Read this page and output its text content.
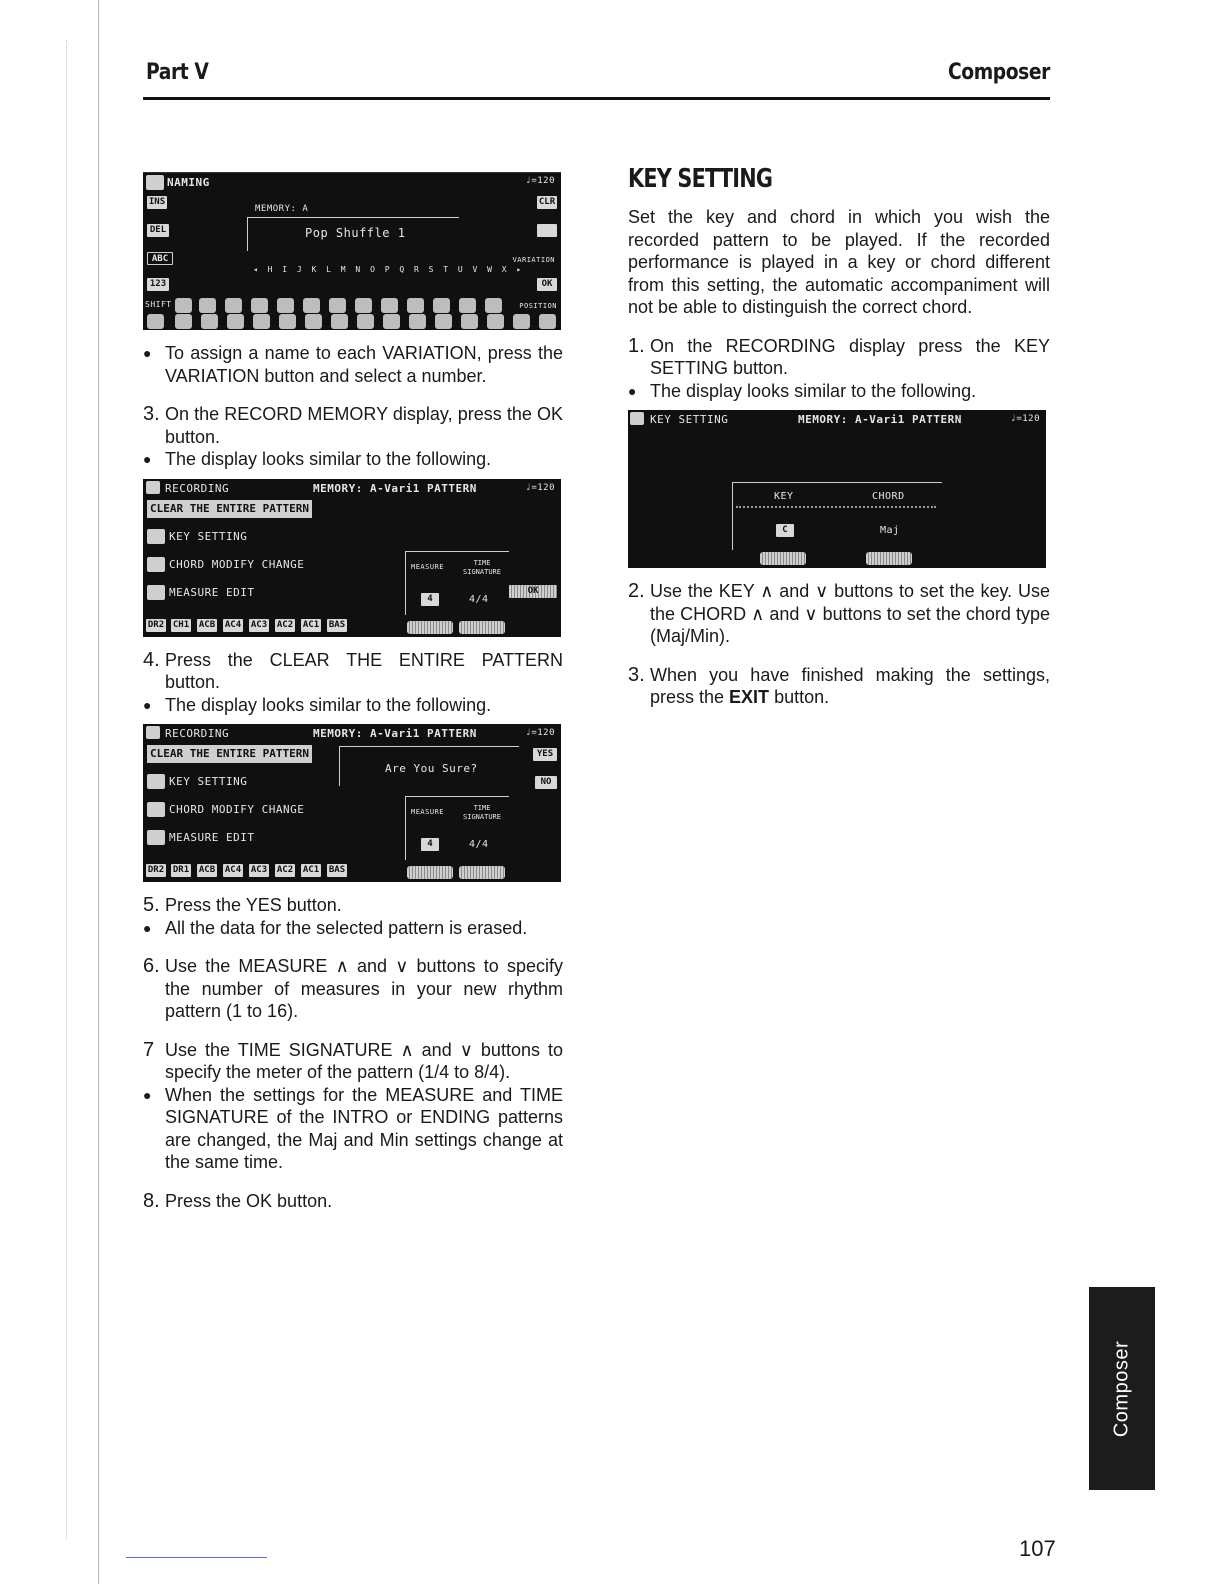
Part V	Composer
NAMING	♩=120
MEMORY: A
Pop Shuffle 1
INS
DEL
ABC
123
CLR
VARIATION
OK
◂ H I J K L M N O P Q R S T U V W X ▸
SHIFT	POSITION
● To assign a name to each VARIATION, press the VARIATION button and select a number.
3. On the RECORD MEMORY display, press the OK button.
● The display looks similar to the following.
RECORDING	MEMORY: A-Vari1 PATTERN	♩=120
CLEAR THE ENTIRE PATTERN
KEY SETTING
CHORD MODIFY CHANGE
MEASURE EDIT
MEASURE	TIME SIGNATURE
4	4/4
OK
DR2 CH1 ACB AC4 AC3 AC2 AC1 BAS
4. Press the CLEAR THE ENTIRE PATTERN button.
● The display looks similar to the following.
RECORDING	MEMORY: A-Vari1 PATTERN	♩=120
CLEAR THE ENTIRE PATTERN
KEY SETTING
CHORD MODIFY CHANGE
MEASURE EDIT
Are You Sure?
YES
NO
MEASURE	TIME SIGNATURE
4	4/4
DR2 DR1 ACB AC4 AC3 AC2 AC1 BAS
5. Press the YES button.
● All the data for the selected pattern is erased.
6. Use the MEASURE ∧ and ∨ buttons to specify the number of measures in your new rhythm pattern (1 to 16).
7 Use the TIME SIGNATURE ∧ and ∨ buttons to specify the meter of the pattern (1/4 to 8/4).
● When the settings for the MEASURE and TIME SIGNATURE of the INTRO or ENDING patterns are changed, the Maj and Min settings change at the same time.
8. Press the OK button.
KEY SETTING
Set the key and chord in which you wish the recorded pattern to be played. If the recorded performance is played in a key or chord different from this setting, the automatic accompaniment will not be able to distinguish the correct chord.
1. On the RECORDING display press the KEY SETTING button.
● The display looks similar to the following.
KEY SETTING	MEMORY: A-Vari1 PATTERN	♩=120
KEY	CHORD
C	Maj
2. Use the KEY ∧ and ∨ buttons to set the key. Use the CHORD ∧ and ∨ buttons to set the chord type (Maj/Min).
3. When you have finished making the settings, press the EXIT button.
Composer
107
